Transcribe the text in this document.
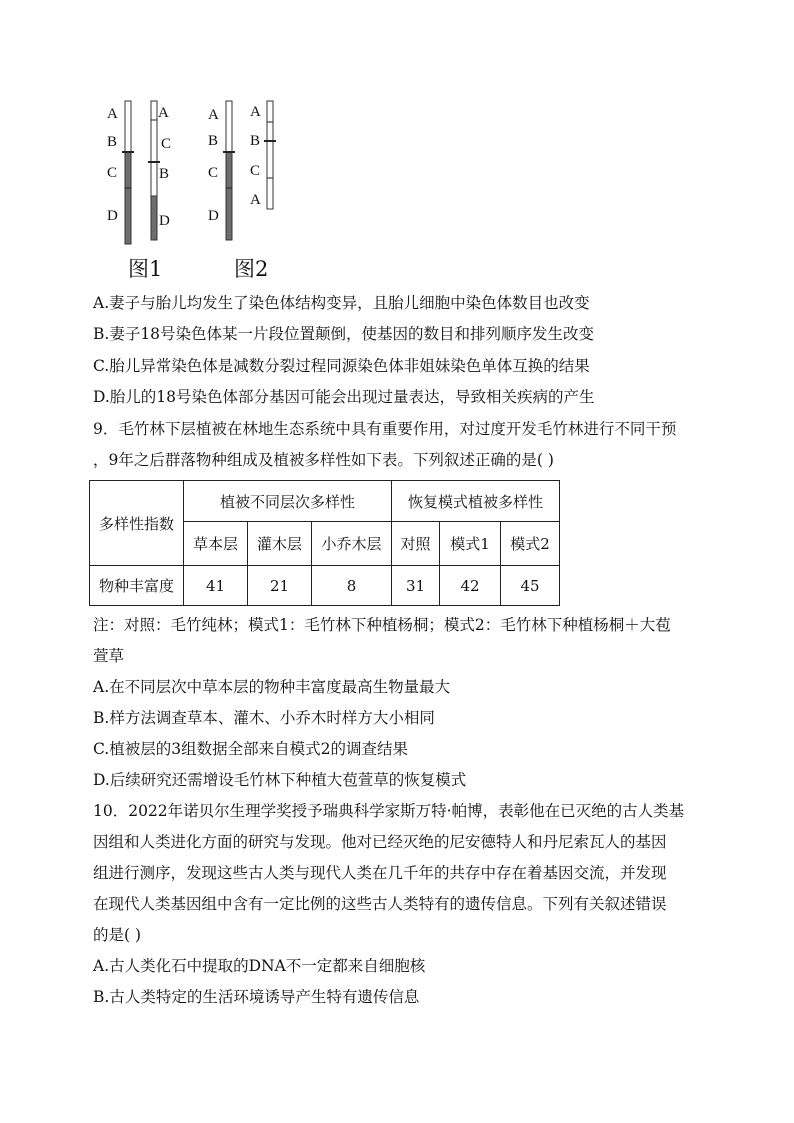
A
B
C
D
A
C
B
D
A
B
C
D
A
B
C
A
图1	图2
A.妻子与胎儿均发生了染色体结构变异，且胎儿细胞中染色体数目也改变
B.妻子18号染色体某一片段位置颠倒，使基因的数目和排列顺序发生改变
C.胎儿异常染色体是减数分裂过程同源染色体非姐妹染色单体互换的结果
D.胎儿的18号染色体部分基因可能会出现过量表达，导致相关疾病的产生
9．毛竹林下层植被在林地生态系统中具有重要作用，对过度开发毛竹林进行不同干预
，9年之后群落物种组成及植被多样性如下表。下列叙述正确的是( )
多样性指数	植被不同层次多样性			恢复模式植被多样性		
	草本层	灌木层	小乔木层	对照	模式1	模式2
物种丰富度	41	21	8	31	42	45
注：对照：毛竹纯林；模式1：毛竹林下种植杨桐；模式2：毛竹林下种植杨桐＋大苞
萱草
A.在不同层次中草本层的物种丰富度最高生物量最大
B.样方法调查草本、灌木、小乔木时样方大小相同
C.植被层的3组数据全部来自模式2的调查结果
D.后续研究还需增设毛竹林下种植大苞萱草的恢复模式
10．2022年诺贝尔生理学奖授予瑞典科学家斯万特·帕博，表彰他在已灭绝的古人类基
因组和人类进化方面的研究与发现。他对已经灭绝的尼安德特人和丹尼索瓦人的基因
组进行测序，发现这些古人类与现代人类在几千年的共存中存在着基因交流，并发现
在现代人类基因组中含有一定比例的这些古人类特有的遗传信息。下列有关叙述错误
的是( )
A.古人类化石中提取的DNA不一定都来自细胞核
B.古人类特定的生活环境诱导产生特有遗传信息
